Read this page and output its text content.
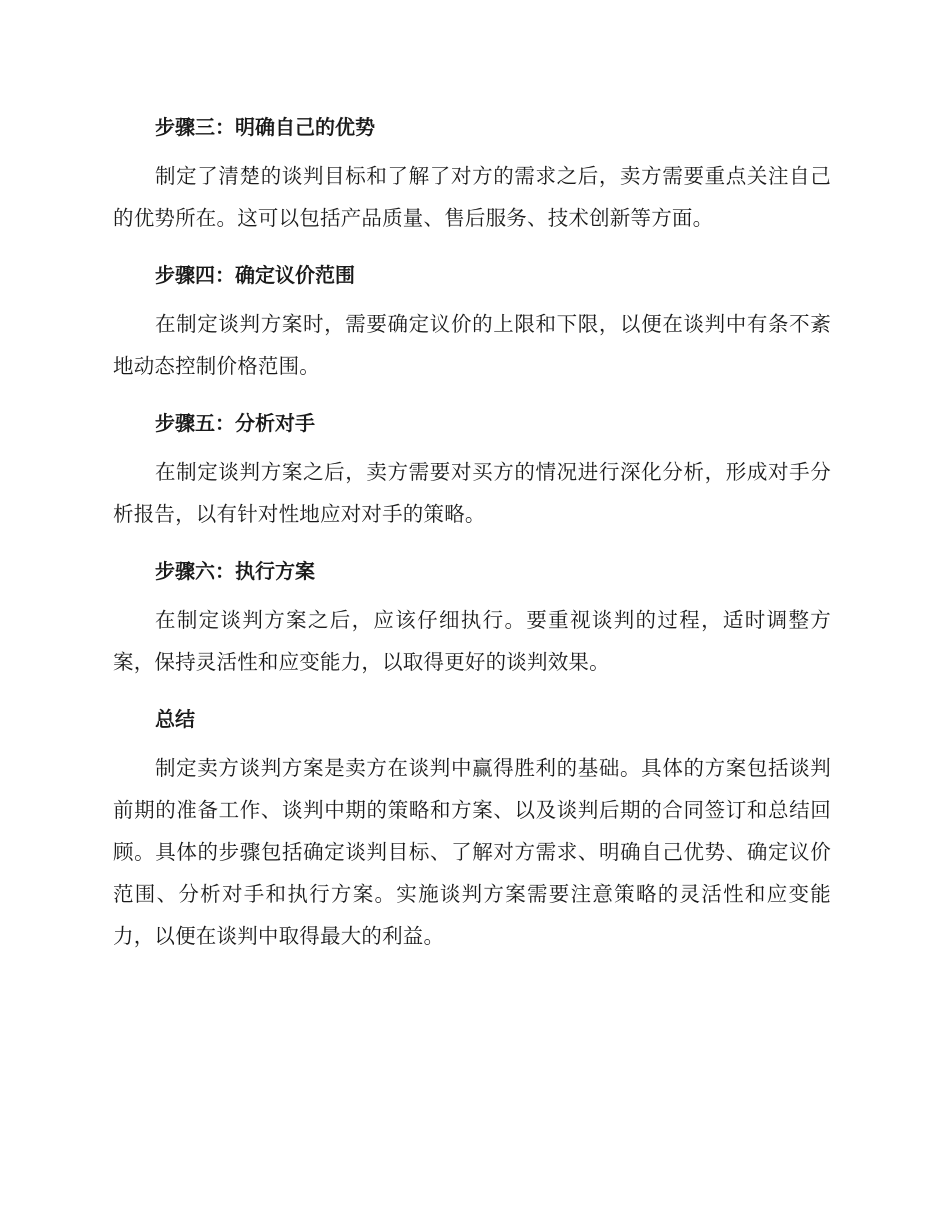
步骤三：明确自己的优势

制定了清楚的谈判目标和了解了对方的需求之后，卖方需要重点关注自己的优势所在。这可以包括产品质量、售后服务、技术创新等方面。

步骤四：确定议价范围

在制定谈判方案时，需要确定议价的上限和下限，以便在谈判中有条不紊地动态控制价格范围。

步骤五：分析对手

在制定谈判方案之后，卖方需要对买方的情况进行深化分析，形成对手分析报告，以有针对性地应对对手的策略。

步骤六：执行方案

在制定谈判方案之后，应该仔细执行。要重视谈判的过程，适时调整方案，保持灵活性和应变能力，以取得更好的谈判效果。

总结

制定卖方谈判方案是卖方在谈判中赢得胜利的基础。具体的方案包括谈判前期的准备工作、谈判中期的策略和方案、以及谈判后期的合同签订和总结回顾。具体的步骤包括确定谈判目标、了解对方需求、明确自己优势、确定议价范围、分析对手和执行方案。实施谈判方案需要注意策略的灵活性和应变能力，以便在谈判中取得最大的利益。
